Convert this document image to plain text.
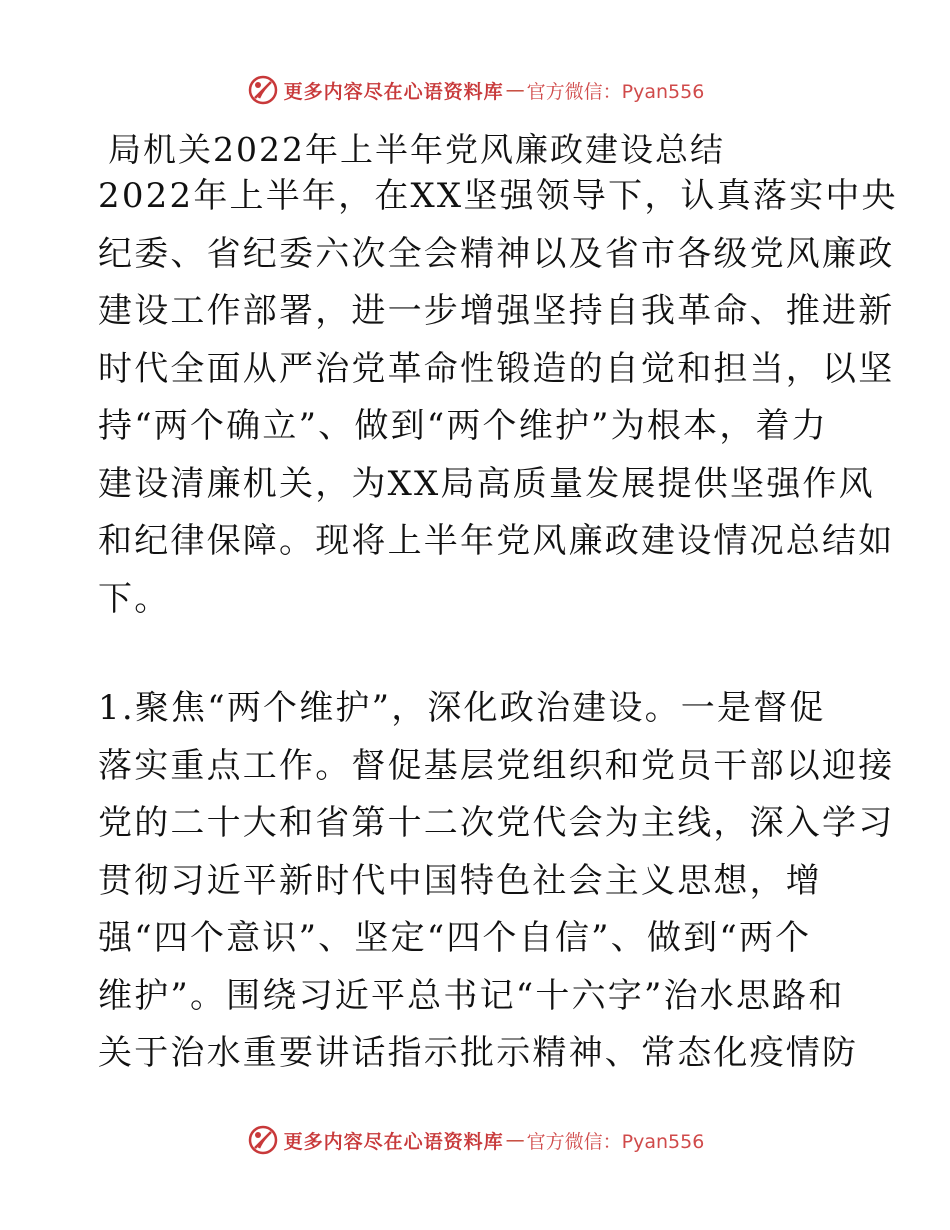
更多内容尽在心语资料库 — 官方微信：Pyan556
局机关2022年上半年党风廉政建设总结
2022年上半年，在XX坚强领导下，认真落实中央
纪委、省纪委六次全会精神以及省市各级党风廉政
建设工作部署，进一步增强坚持自我革命、推进新
时代全面从严治党革命性锻造的自觉和担当，以坚
持“两个确立”、做到“两个维护”为根本，着力
建设清廉机关，为XX局高质量发展提供坚强作风
和纪律保障。现将上半年党风廉政建设情况总结如
下。
1.聚焦“两个维护”，深化政治建设。一是督促
落实重点工作。督促基层党组织和党员干部以迎接
党的二十大和省第十二次党代会为主线，深入学习
贯彻习近平新时代中国特色社会主义思想，增
强“四个意识”、坚定“四个自信”、做到“两个
维护”。围绕习近平总书记“十六字”治水思路和
关于治水重要讲话指示批示精神、常态化疫情防
更多内容尽在心语资料库 — 官方微信：Pyan556
